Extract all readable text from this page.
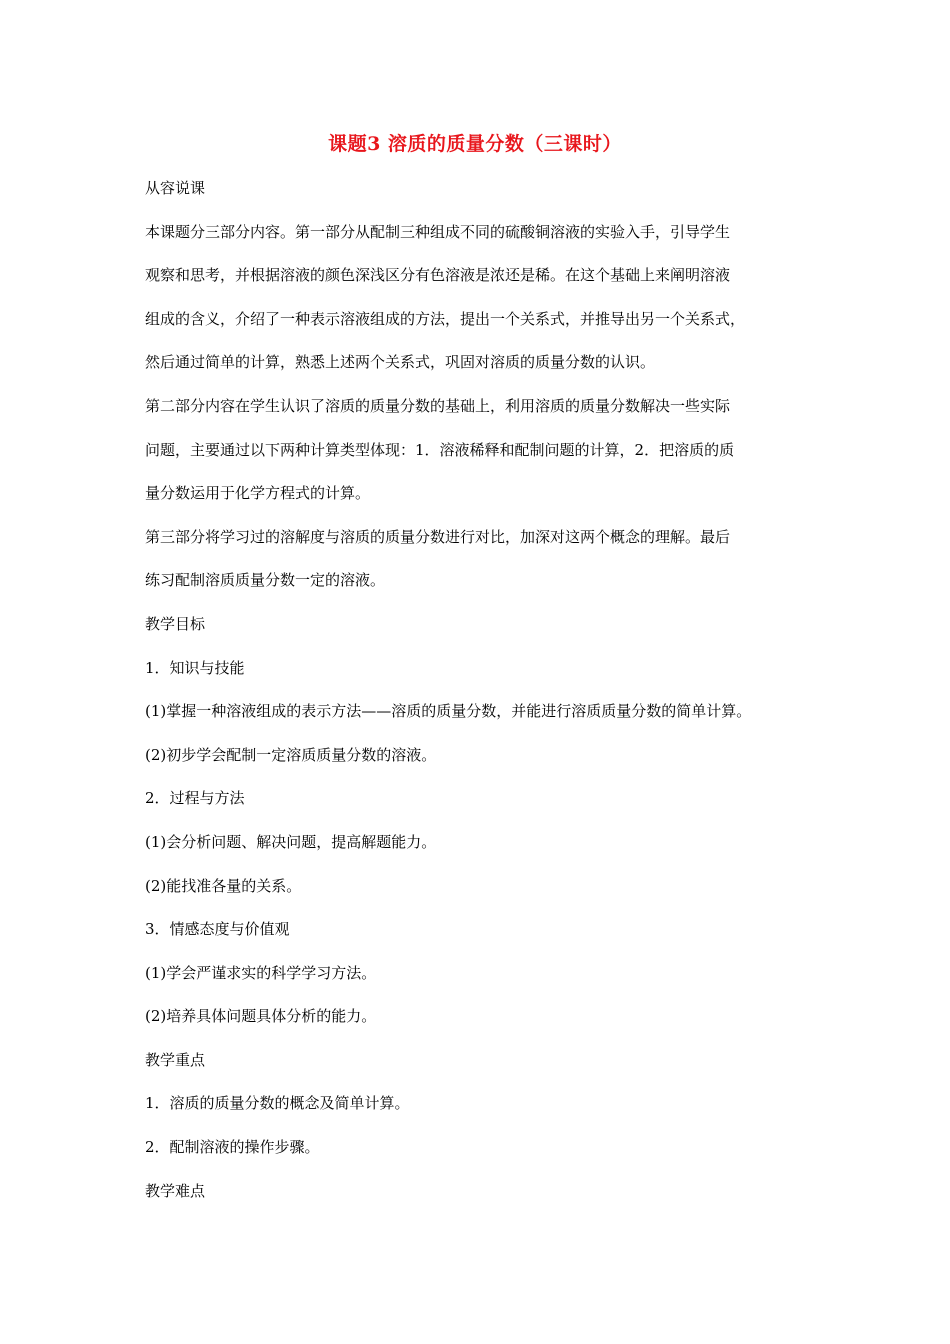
课题3 溶质的质量分数（三课时）

从容说课

本课题分三部分内容。第一部分从配制三种组成不同的硫酸铜溶液的实验入手，引导学生

观察和思考，并根据溶液的颜色深浅区分有色溶液是浓还是稀。在这个基础上来阐明溶液

组成的含义，介绍了一种表示溶液组成的方法，提出一个关系式，并推导出另一个关系式，

然后通过简单的计算，熟悉上述两个关系式，巩固对溶质的质量分数的认识。

第二部分内容在学生认识了溶质的质量分数的基础上，利用溶质的质量分数解决一些实际

问题，主要通过以下两种计算类型体现：1．溶液稀释和配制问题的计算，2．把溶质的质

量分数运用于化学方程式的计算。

第三部分将学习过的溶解度与溶质的质量分数进行对比，加深对这两个概念的理解。最后

练习配制溶质质量分数一定的溶液。

教学目标

1．知识与技能

(1)掌握一种溶液组成的表示方法——溶质的质量分数，并能进行溶质质量分数的简单计算。

(2)初步学会配制一定溶质质量分数的溶液。

2．过程与方法

(1)会分析问题、解决问题，提高解题能力。

(2)能找准各量的关系。

3．情感态度与价值观

(1)学会严谨求实的科学学习方法。

(2)培养具体问题具体分析的能力。

教学重点

1．溶质的质量分数的概念及简单计算。

2．配制溶液的操作步骤。

教学难点
